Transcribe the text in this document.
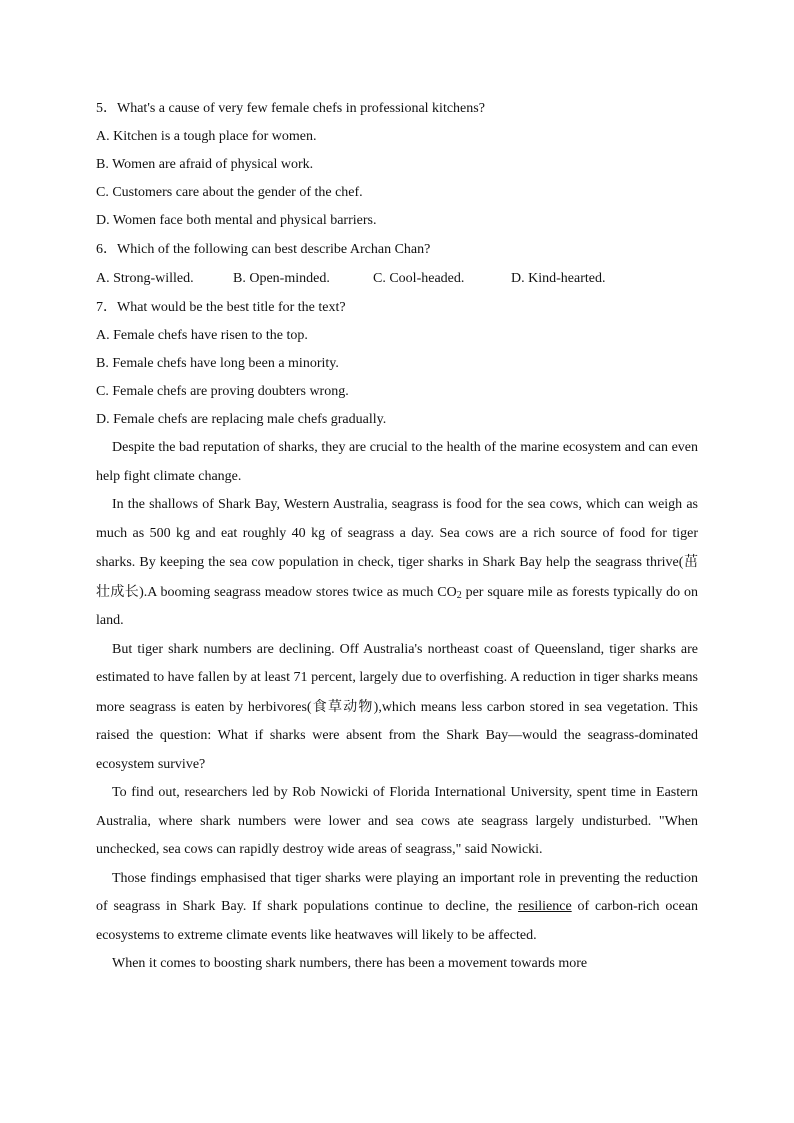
5．What's a cause of very few female chefs in professional kitchens?
A. Kitchen is a tough place for women.
B. Women are afraid of physical work.
C. Customers care about the gender of the chef.
D. Women face both mental and physical barriers.
6．Which of the following can best describe Archan Chan?
A. Strong-willed.	B. Open-minded.	C. Cool-headed.	D. Kind-hearted.
7．What would be the best title for the text?
A. Female chefs have risen to the top.
B. Female chefs have long been a minority.
C. Female chefs are proving doubters wrong.
D. Female chefs are replacing male chefs gradually.

Despite the bad reputation of sharks, they are crucial to the health of the marine ecosystem and can even help fight climate change.

In the shallows of Shark Bay, Western Australia, seagrass is food for the sea cows, which can weigh as much as 500 kg and eat roughly 40 kg of seagrass a day. Sea cows are a rich source of food for tiger sharks. By keeping the sea cow population in check, tiger sharks in Shark Bay help the seagrass thrive(茁壮成长).A booming seagrass meadow stores twice as much $CO_2$ per square mile as forests typically do on land.

But tiger shark numbers are declining. Off Australia's northeast coast of Queensland, tiger sharks are estimated to have fallen by at least 71 percent, largely due to overfishing. A reduction in tiger sharks means more seagrass is eaten by herbivores(食草动物),which means less carbon stored in sea vegetation. This raised the question: What if sharks were absent from the Shark Bay—would the seagrass-dominated ecosystem survive?

To find out, researchers led by Rob Nowicki of Florida International University, spent time in Eastern Australia, where shark numbers were lower and sea cows ate seagrass largely undisturbed. "When unchecked, sea cows can rapidly destroy wide areas of seagrass," said Nowicki.

Those findings emphasised that tiger sharks were playing an important role in preventing the reduction of seagrass in Shark Bay. If shark populations continue to decline, the resilience of carbon-rich ocean ecosystems to extreme climate events like heatwaves will likely to be affected.

When it comes to boosting shark numbers, there has been a movement towards more
